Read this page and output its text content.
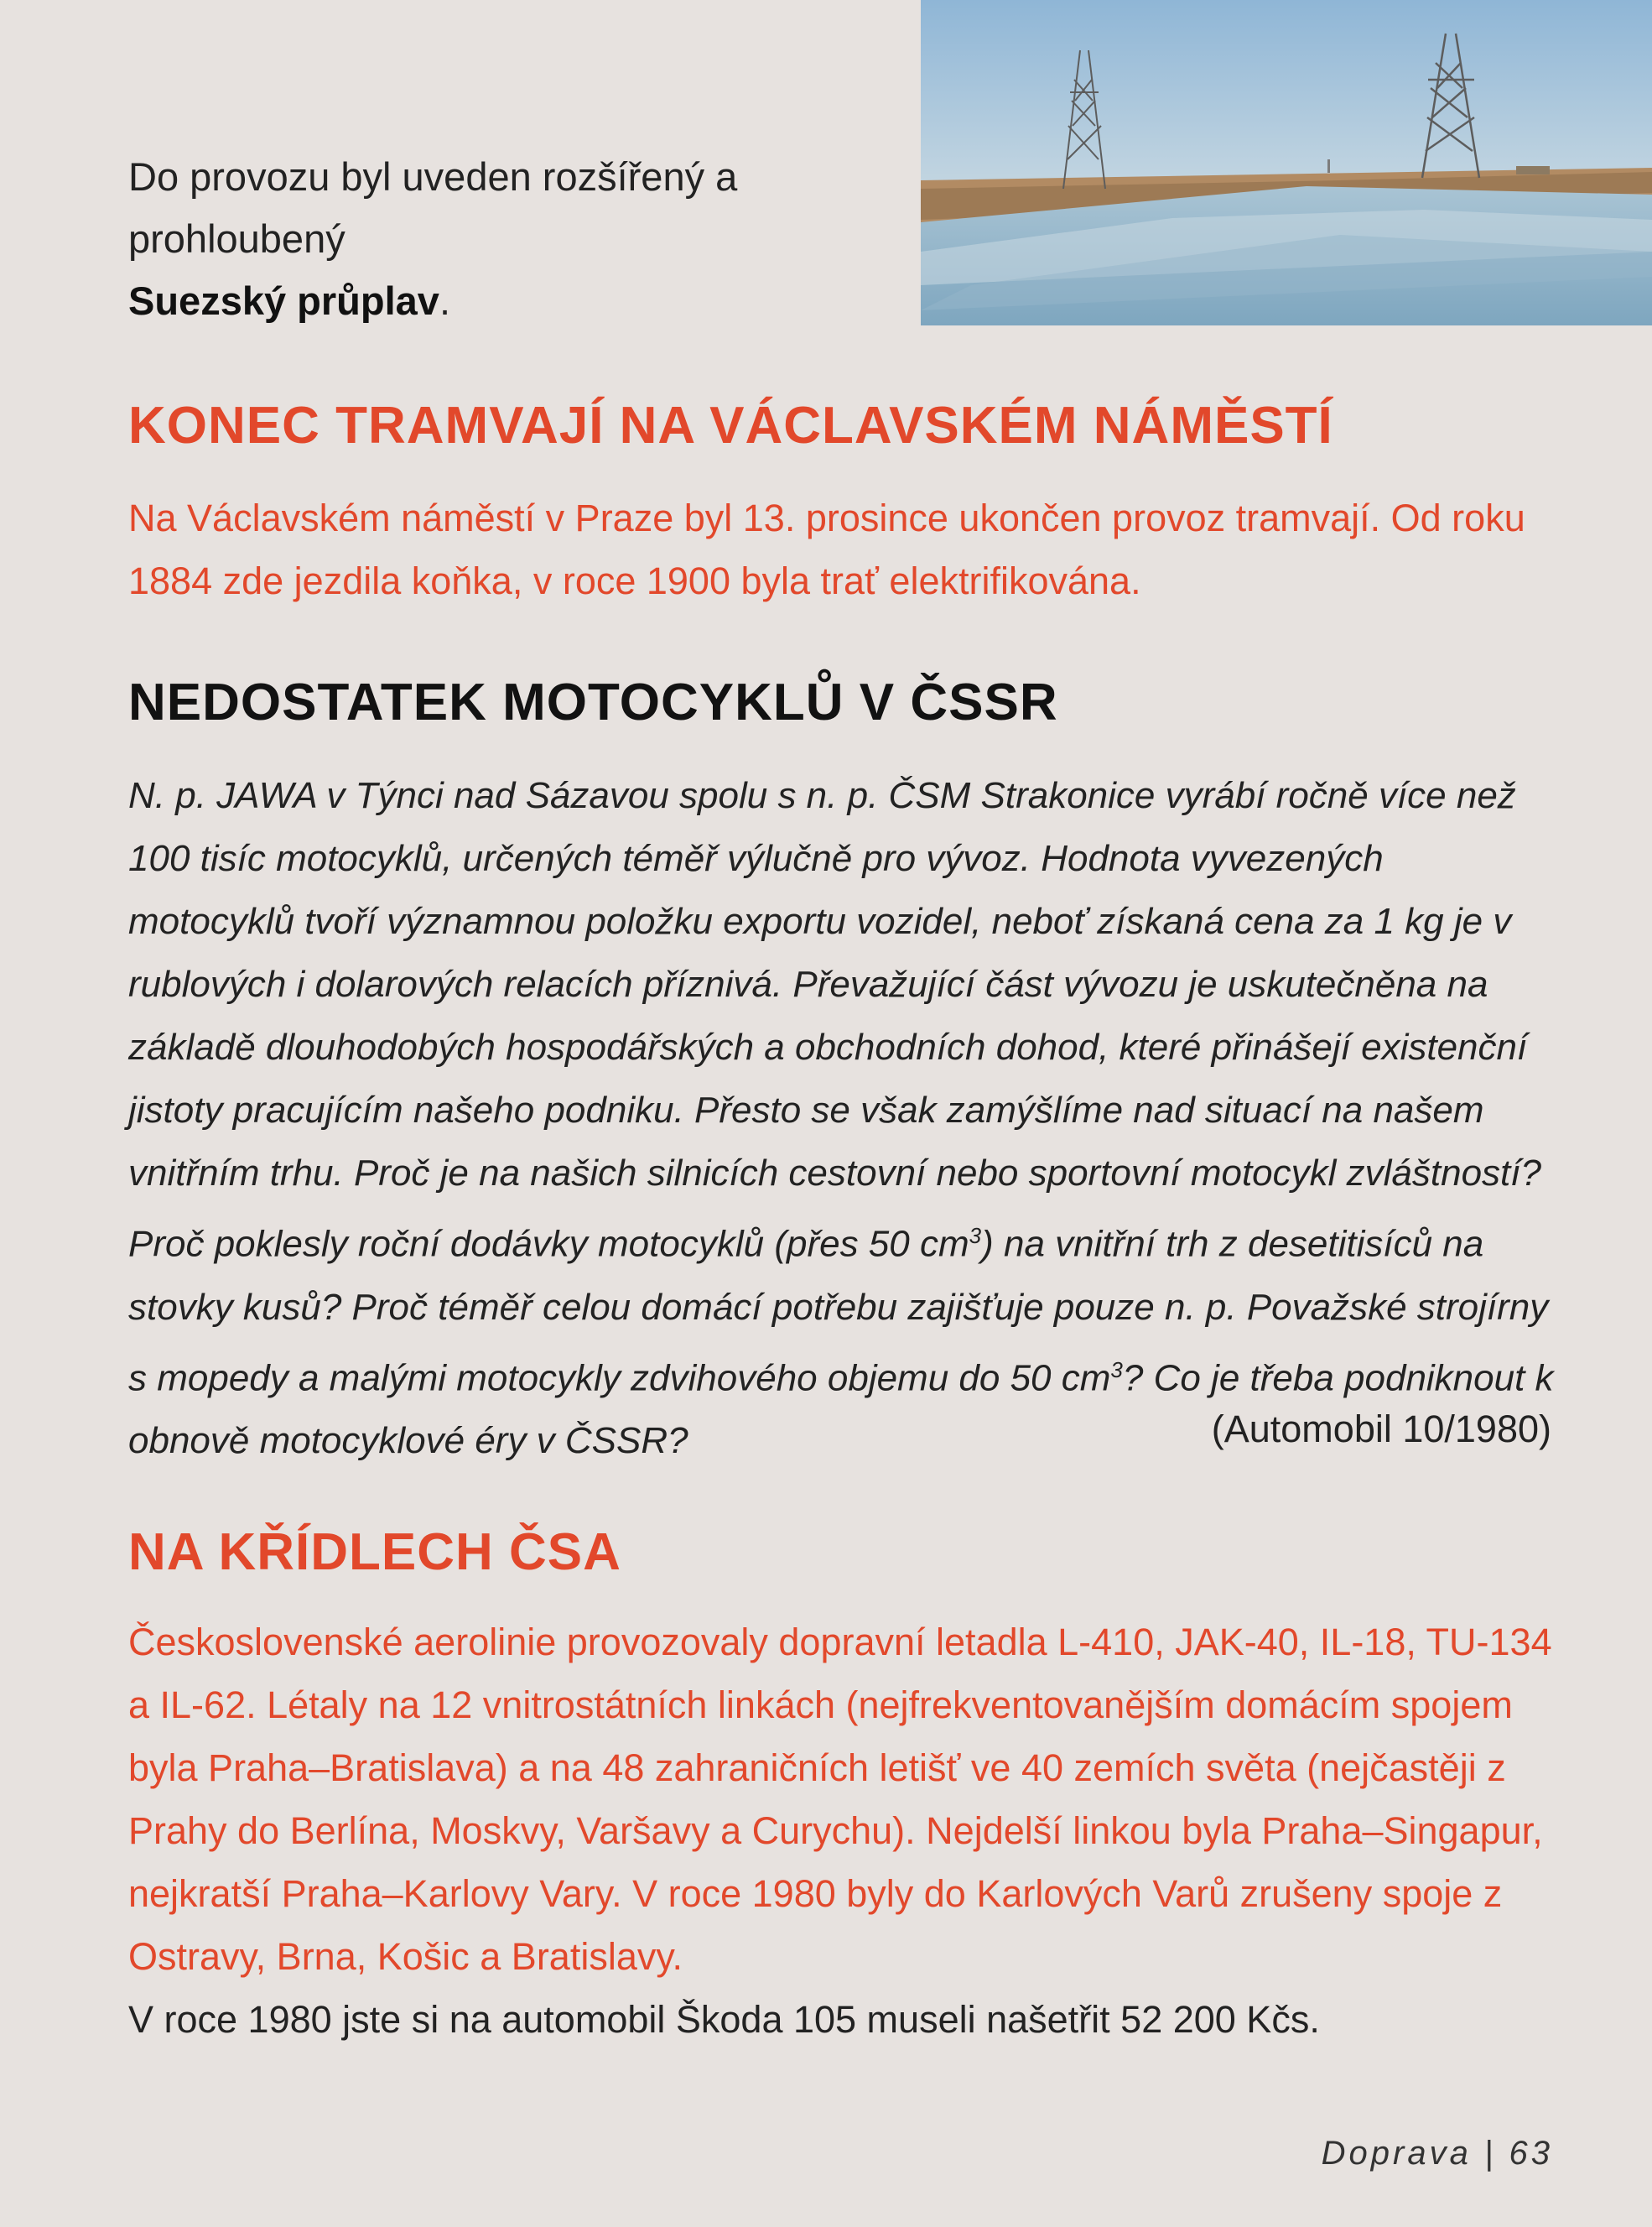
Do provozu byl uveden rozšířený a prohloubený
Suezský průplav.

KONEC TRAMVAJÍ NA VÁCLAVSKÉM NÁMĚSTÍ

Na Václavském náměstí v Praze byl 13. prosince ukončen provoz tramvají. Od roku 1884 zde jezdila koňka, v roce 1900 byla trať elektrifikována.

NEDOSTATEK MOTOCYKLŮ V ČSSR

N. p. JAWA v Týnci nad Sázavou spolu s n. p. ČSM Strakonice vyrábí ročně více než 100 tisíc motocyklů, určených téměř výlučně pro vývoz. Hodnota vyvezených motocyklů tvoří významnou položku exportu vozidel, neboť získaná cena za 1 kg je v rublových i dolarových relacích příznivá. Převažující část vývozu je uskutečněna na základě dlouhodobých hospodářských a obchodních dohod, které přinášejí existenční jistoty pracujícím našeho podniku. Přesto se však zamýšlíme nad situací na našem vnitřním trhu. Proč je na našich silnicích cestovní nebo sportovní motocykl zvláštností? Proč poklesly roční dodávky motocyklů (přes 50 $cm^3$) na vnitřní trh z desetitisíců na stovky kusů? Proč téměř celou domácí potřebu zajišťuje pouze n. p. Považské strojírny s mopedy a malými motocykly zdvihového objemu do 50 $cm^3$? Co je třeba podniknout k obnově motocyklové éry v ČSSR?	(Automobil 10/1980)

NA KŘÍDLECH ČSA

Československé aerolinie provozovaly dopravní letadla L-410, JAK-40, IL-18, TU-134 a IL-62. Létaly na 12 vnitrostátních linkách (nejfrekventovanějším domácím spojem byla Praha–Bratislava) a na 48 zahraničních letišť ve 40 zemích světa (nejčastěji z Prahy do Berlína, Moskvy, Varšavy a Curychu). Nejdelší linkou byla Praha–Singapur, nejkratší Praha–Karlovy Vary. V roce 1980 byly do Karlových Varů zrušeny spoje z Ostravy, Brna, Košic a Bratislavy.

V roce 1980 jste si na automobil Škoda 105 museli našetřit 52 200 Kčs.

Doprava | 63
